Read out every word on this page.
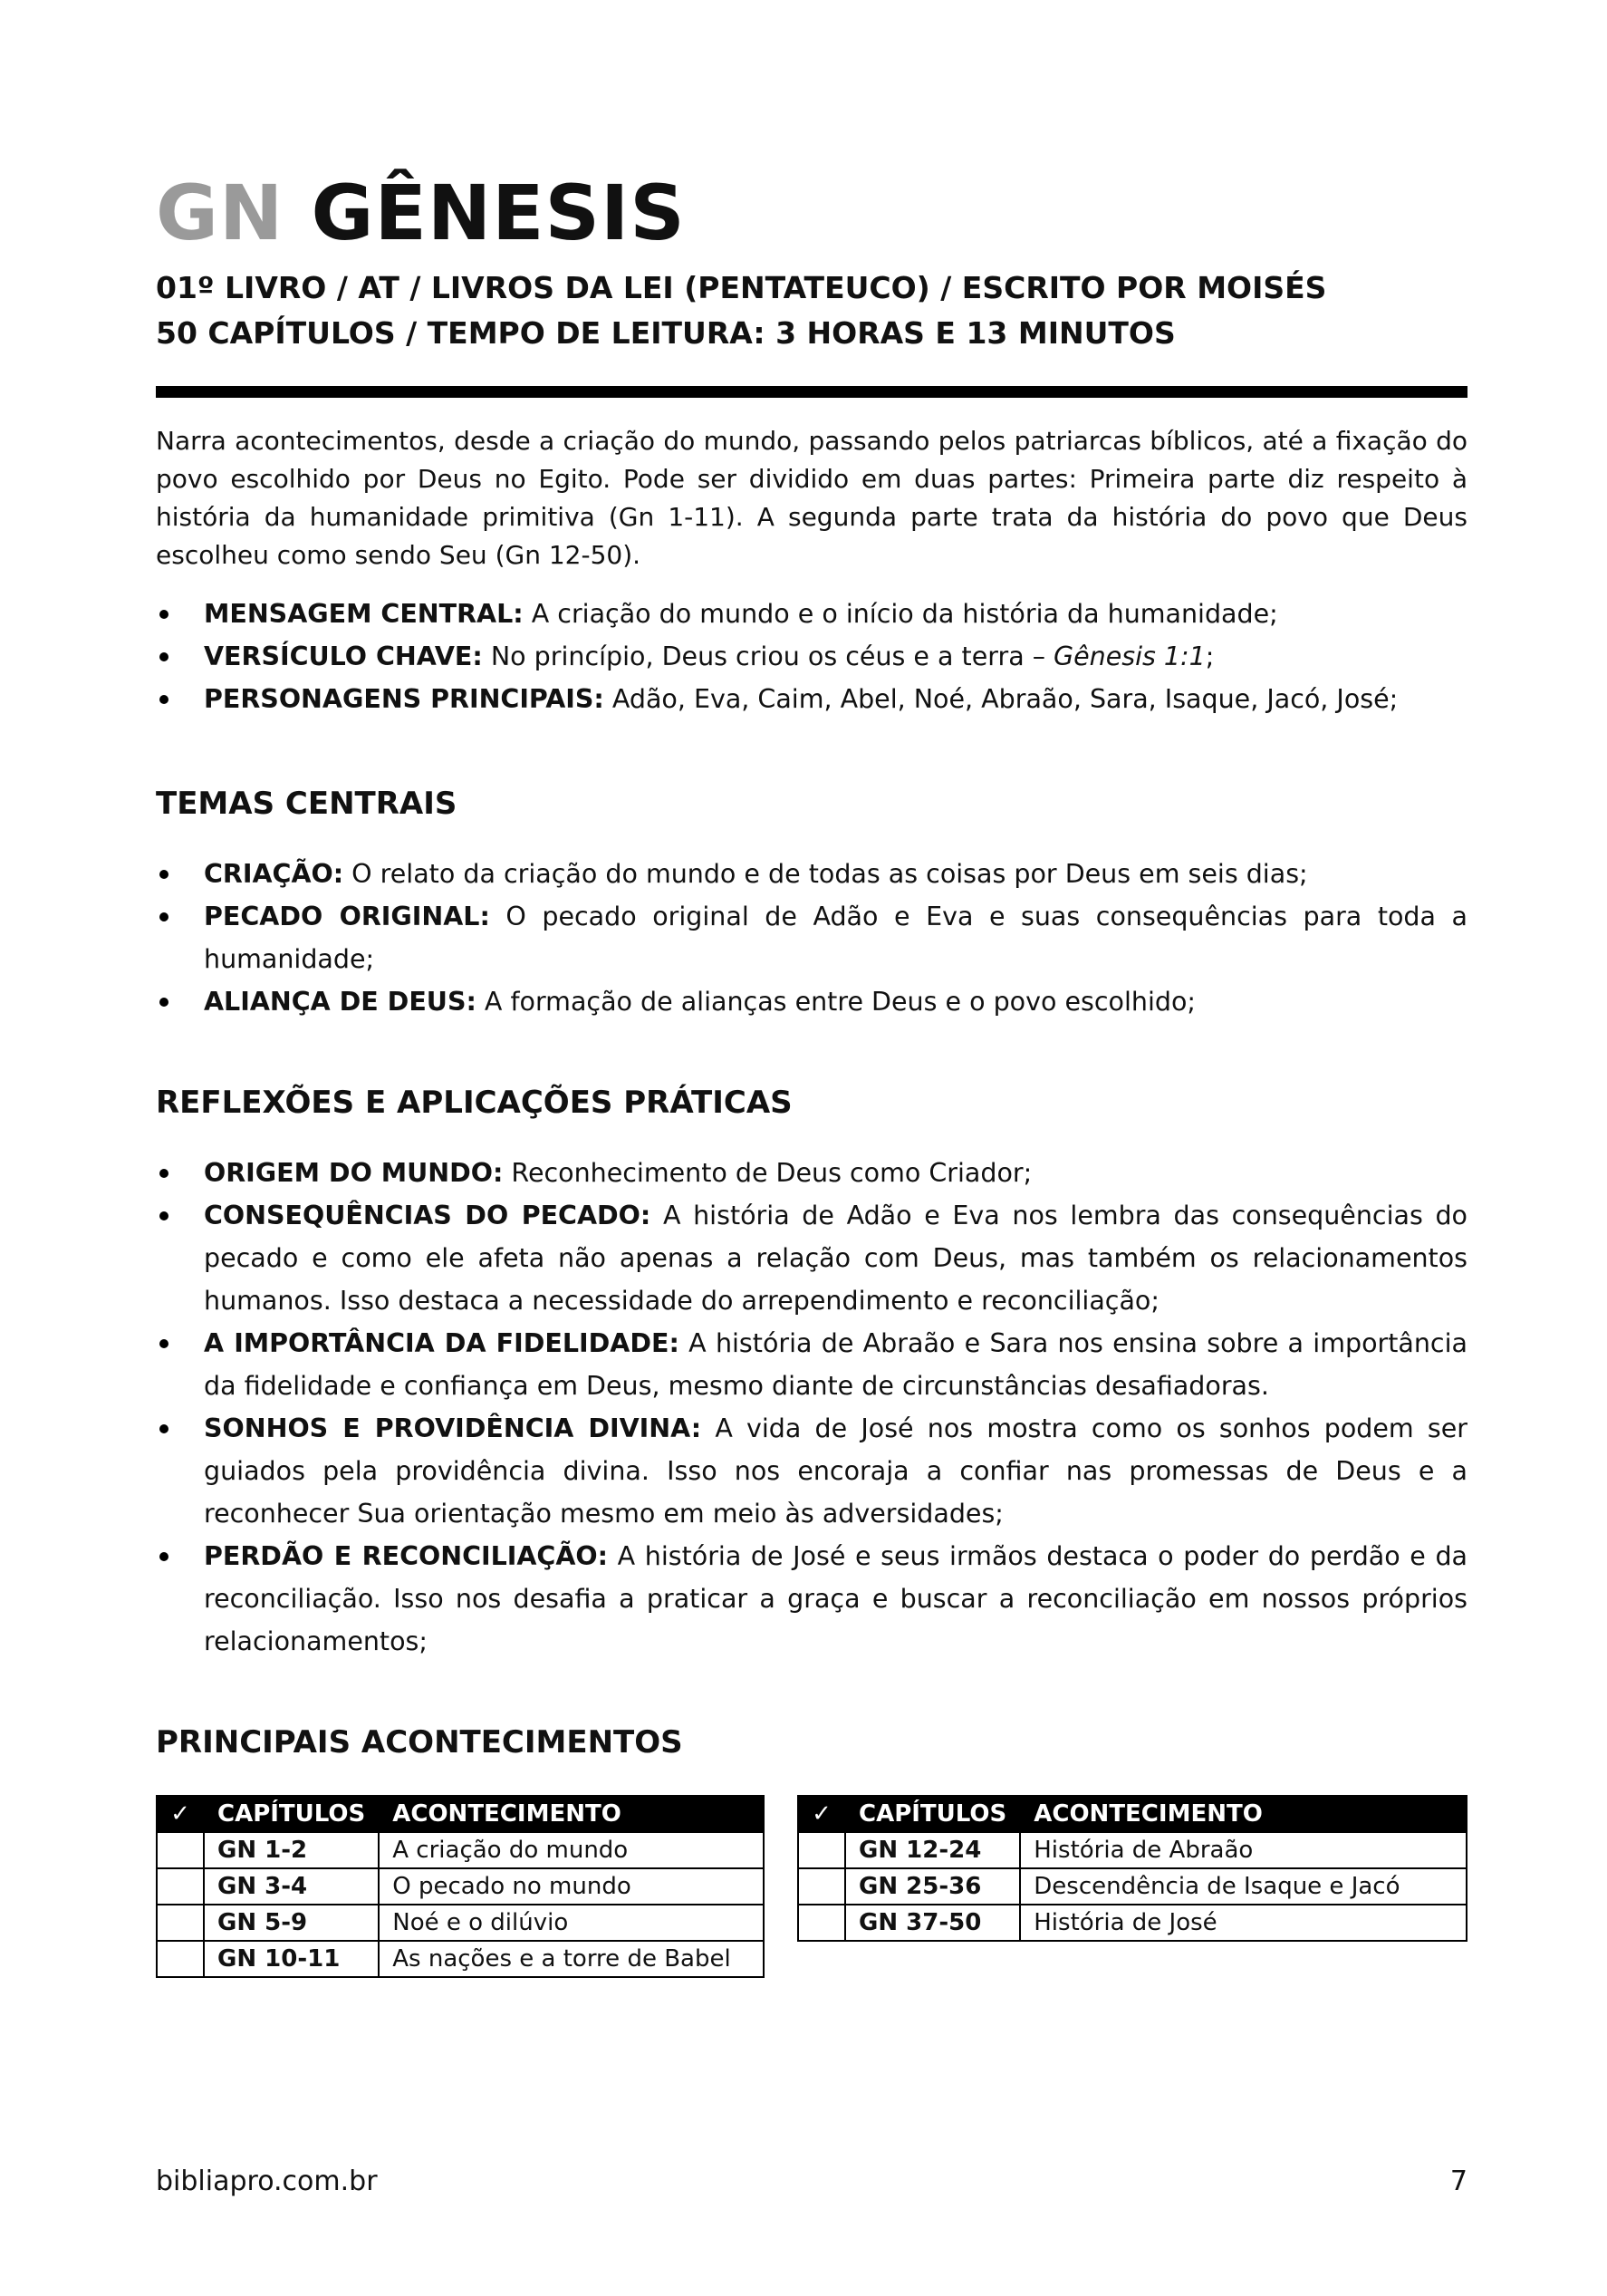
GN GÊNESIS
01º LIVRO / AT / LIVROS DA LEI (PENTATEUCO) / ESCRITO POR MOISÉS
50 CAPÍTULOS / TEMPO DE LEITURA: 3 HORAS E 13 MINUTOS

Narra acontecimentos, desde a criação do mundo, passando pelos patriarcas bíblicos, até a fixação do povo escolhido por Deus no Egito. Pode ser dividido em duas partes: Primeira parte diz respeito à história da humanidade primitiva (Gn 1-11). A segunda parte trata da história do povo que Deus escolheu como sendo Seu (Gn 12-50).

MENSAGEM CENTRAL: A criação do mundo e o início da história da humanidade;
VERSÍCULO CHAVE: No princípio, Deus criou os céus e a terra – Gênesis 1:1;
PERSONAGENS PRINCIPAIS: Adão, Eva, Caim, Abel, Noé, Abraão, Sara, Isaque, Jacó, José;
TEMAS CENTRAIS
CRIAÇÃO: O relato da criação do mundo e de todas as coisas por Deus em seis dias;
PECADO ORIGINAL: O pecado original de Adão e Eva e suas consequências para toda a humanidade;
ALIANÇA DE DEUS: A formação de alianças entre Deus e o povo escolhido;
REFLEXÕES E APLICAÇÕES PRÁTICAS
ORIGEM DO MUNDO: Reconhecimento de Deus como Criador;
CONSEQUÊNCIAS DO PECADO: A história de Adão e Eva nos lembra das consequências do pecado e como ele afeta não apenas a relação com Deus, mas também os relacionamentos humanos. Isso destaca a necessidade do arrependimento e reconciliação;
A IMPORTÂNCIA DA FIDELIDADE: A história de Abraão e Sara nos ensina sobre a importância da fidelidade e confiança em Deus, mesmo diante de circunstâncias desafiadoras.
SONHOS E PROVIDÊNCIA DIVINA: A vida de José nos mostra como os sonhos podem ser guiados pela providência divina. Isso nos encoraja a confiar nas promessas de Deus e a reconhecer Sua orientação mesmo em meio às adversidades;
PERDÃO E RECONCILIAÇÃO: A história de José e seus irmãos destaca o poder do perdão e da reconciliação. Isso nos desafia a praticar a graça e buscar a reconciliação em nossos próprios relacionamentos;
PRINCIPAIS ACONTECIMENTOS
✓	CAPÍTULOS	ACONTECIMENTO
	GN 1-2	A criação do mundo
	GN 3-4	O pecado no mundo
	GN 5-9	Noé e o dilúvio
	GN 10-11	As nações e a torre de Babel
✓	CAPÍTULOS	ACONTECIMENTO
	GN 12-24	História de Abraão
	GN 25-36	Descendência de Isaque e Jacó
	GN 37-50	História de José
bibliapro.com.br	7
